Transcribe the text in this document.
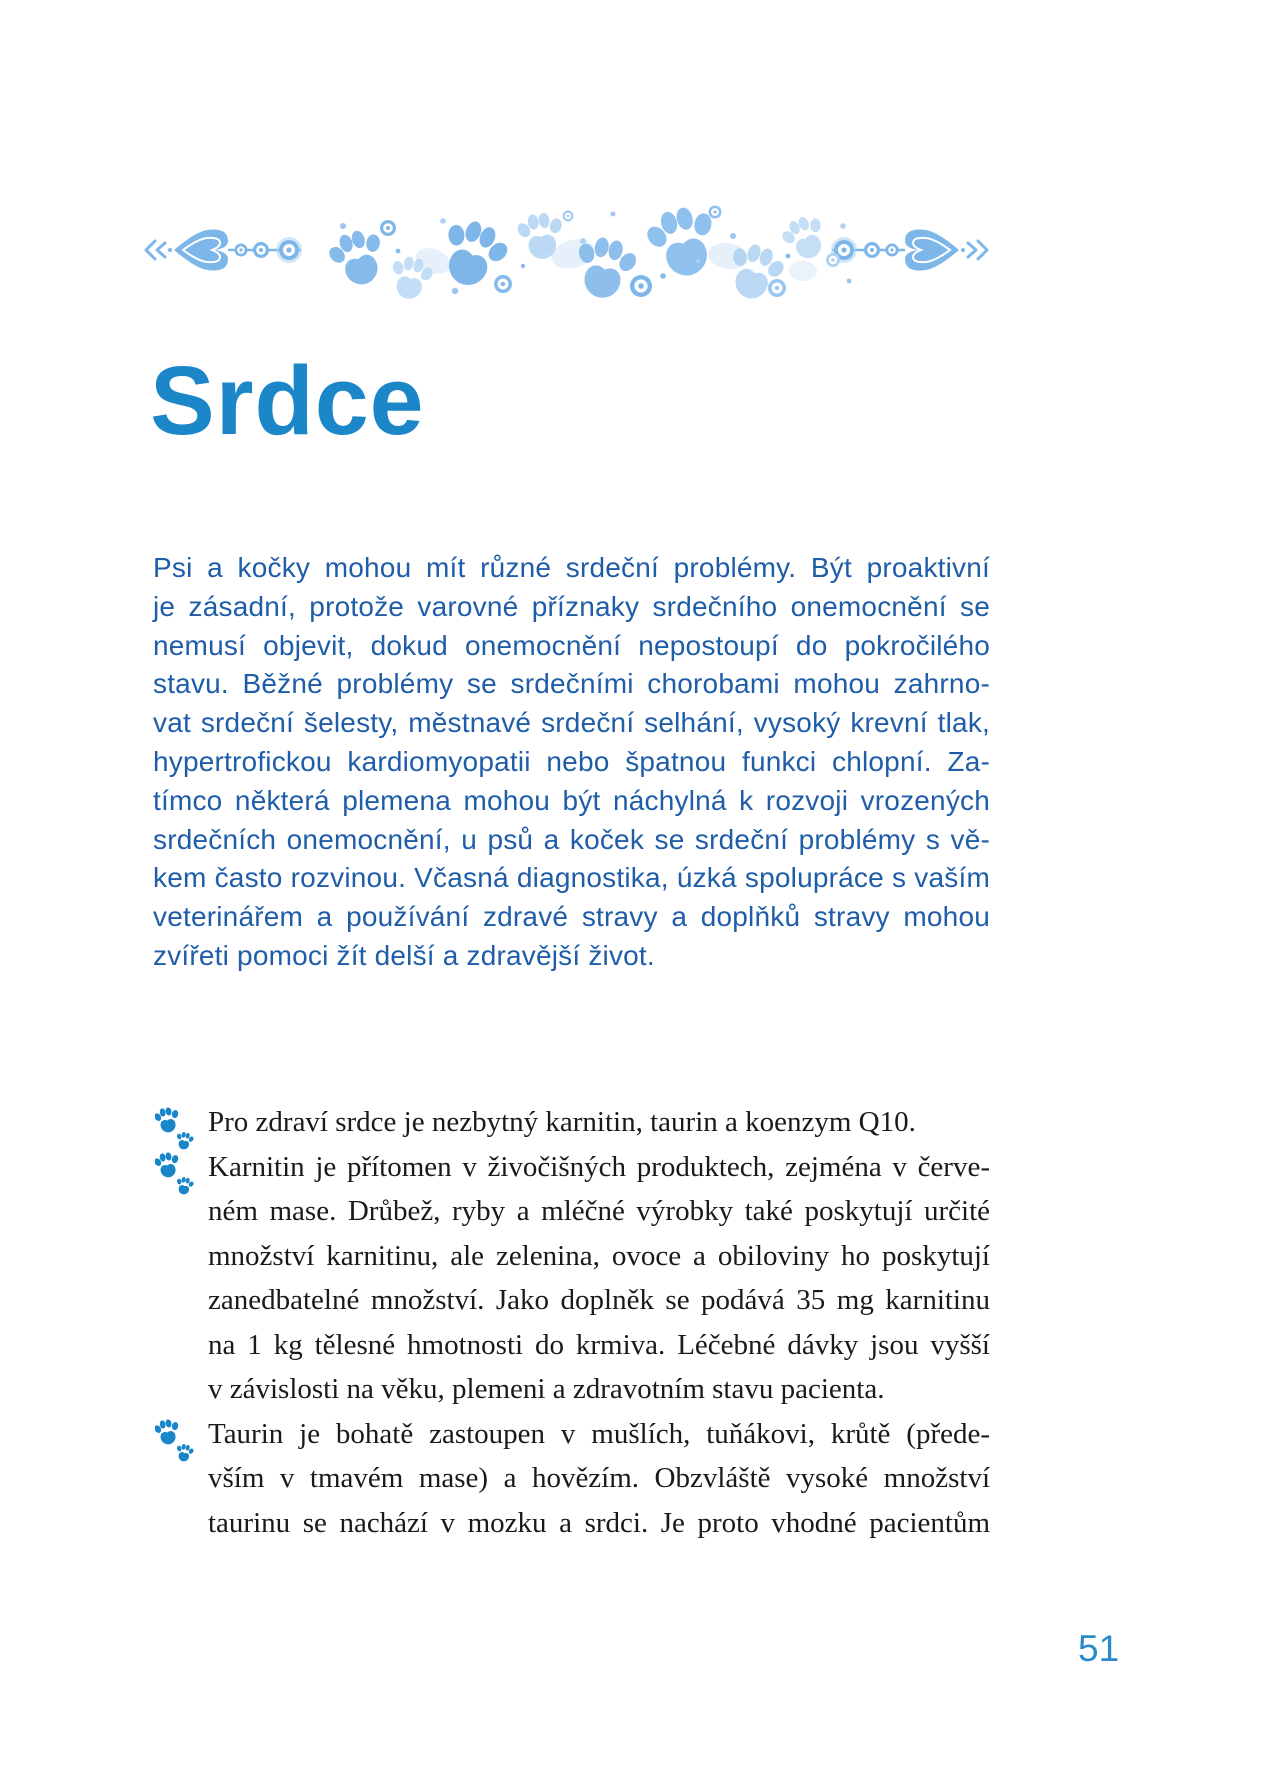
Srdce
Psi a kočky mohou mít různé srdeční problémy. Být proaktivní
je zásadní, protože varovné příznaky srdečního onemocnění se
nemusí objevit, dokud onemocnění nepostoupí do pokročilého
stavu. Běžné problémy se srdečními chorobami mohou zahrno-
vat srdeční šelesty, městnavé srdeční selhání, vysoký krevní tlak,
hypertrofickou kardiomyopatii nebo špatnou funkci chlopní. Za-
tímco některá plemena mohou být náchylná k rozvoji vrozených
srdečních onemocnění, u psů a koček se srdeční problémy s vě-
kem často rozvinou. Včasná diagnostika, úzká spolupráce s vaším
veterinářem a používání zdravé stravy a doplňků stravy mohou
zvířeti pomoci žít delší a zdravější život.
Pro zdraví srdce je nezbytný karnitin, taurin a koenzym Q10.
Karnitin je přítomen v živočišných produktech, zejména v červe-
ném mase. Drůbež, ryby a mléčné výrobky také poskytují určité
množství karnitinu, ale zelenina, ovoce a obiloviny ho poskytují
zanedbatelné množství. Jako doplněk se podává 35 mg karnitinu
na 1 kg tělesné hmotnosti do krmiva. Léčebné dávky jsou vyšší
v závislosti na věku, plemeni a zdravotním stavu pacienta.
Taurin je bohatě zastoupen v mušlích, tuňákovi, krůtě (přede-
vším v tmavém mase) a hovězím. Obzvláště vysoké množství
taurinu se nachází v mozku a srdci. Je proto vhodné pacientům
51
